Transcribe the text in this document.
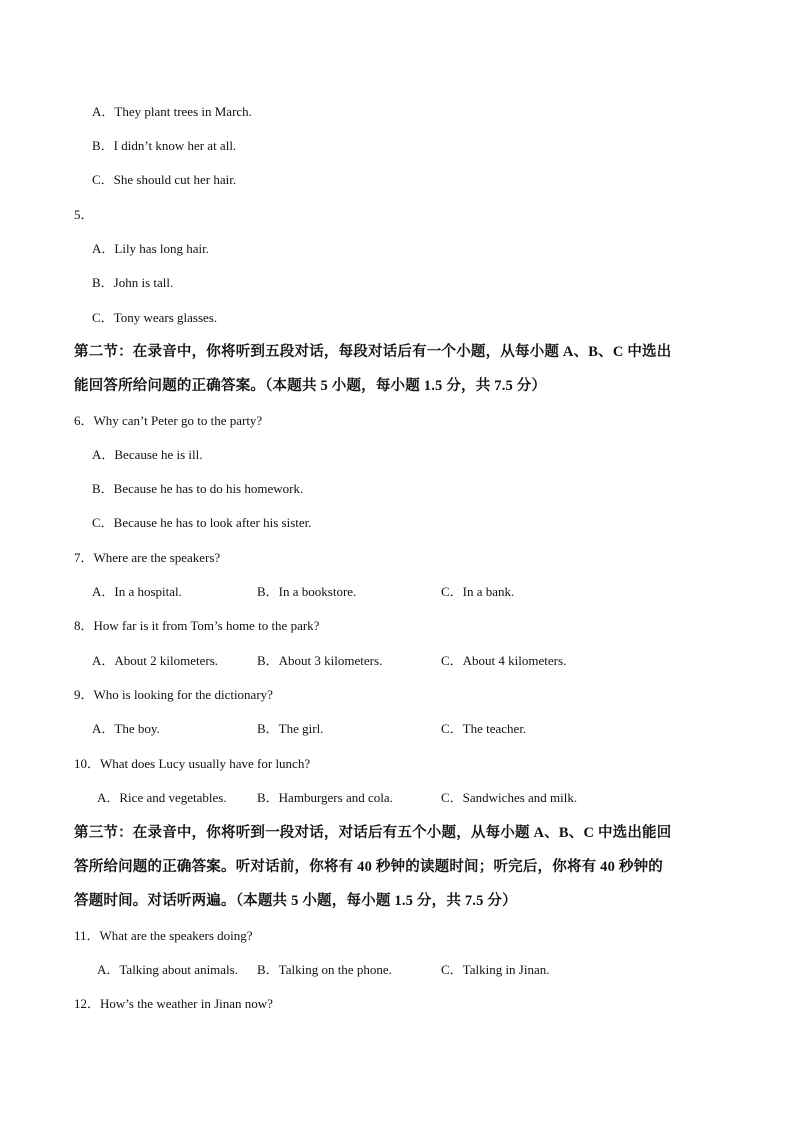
A．They plant trees in March.
B．I didn’t know her at all.
C．She should cut her hair.
5．
A．Lily has long hair.
B．John is tall.
C．Tony wears glasses.
第二节：在录音中，你将听到五段对话，每段对话后有一个小题，从每小题 A、B、C 中选出
能回答所给问题的正确答案。（本题共 5 小题，每小题 1.5 分，共 7.5 分）
6．Why can’t Peter go to the party?
A．Because he is ill.
B．Because he has to do his homework.
C．Because he has to look after his sister.
7．Where are the speakers?
A．In a hospital.	B．In a bookstore.	C．In a bank.
8．How far is it from Tom’s home to the park?
A．About 2 kilometers.	B．About 3 kilometers.	C．About 4 kilometers.
9．Who is looking for the dictionary?
A．The boy.	B．The girl.	C．The teacher.
10．What does Lucy usually have for lunch?
A．Rice and vegetables. B．Hamburgers and cola.	C．Sandwiches and milk.
第三节：在录音中，你将听到一段对话，对话后有五个小题，从每小题 A、B、C 中选出能回
答所给问题的正确答案。听对话前，你将有 40 秒钟的读题时间；听完后，你将有 40 秒钟的
答题时间。对话听两遍。（本题共 5 小题，每小题 1.5 分，共 7.5 分）
11．What are the speakers doing?
A．Talking about animals. B．Talking on the phone.	C．Talking in Jinan.
12．How’s the weather in Jinan now?
